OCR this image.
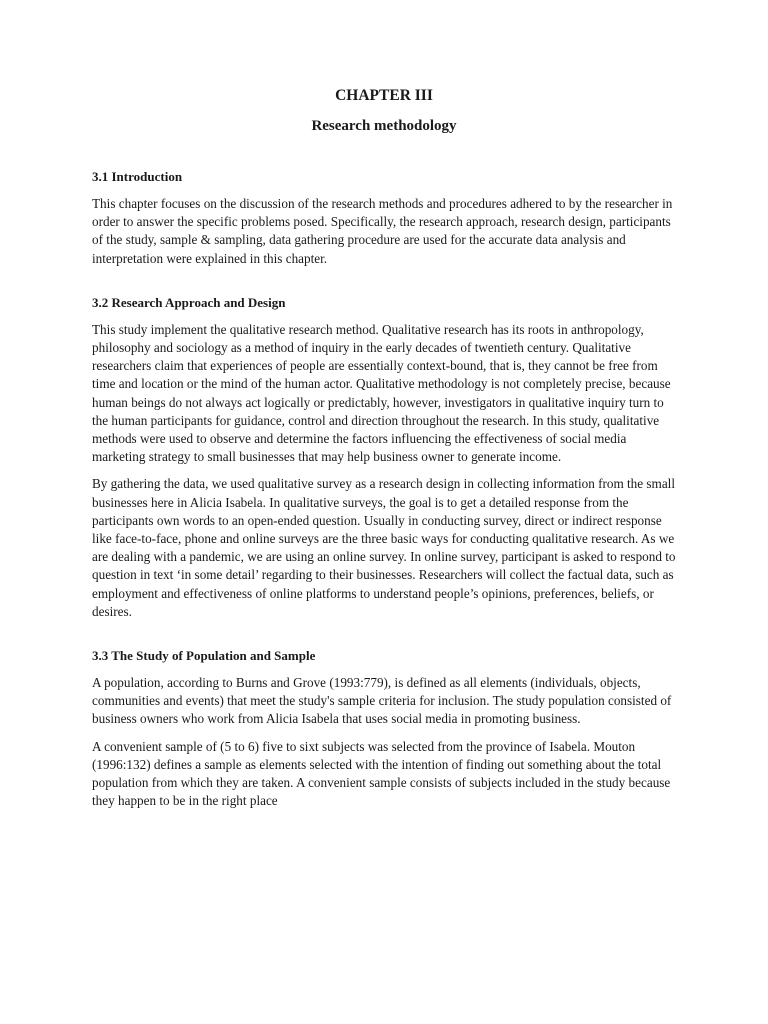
CHAPTER III
Research methodology
3.1 Introduction

This chapter focuses on the discussion of the research methods and procedures adhered to by the researcher in order to answer the specific problems posed. Specifically, the research approach, research design, participants of the study, sample & sampling, data gathering procedure are used for the accurate data analysis and interpretation were explained in this chapter.

3.2 Research Approach and Design

This study implement the qualitative research method. Qualitative research has its roots in anthropology, philosophy and sociology as a method of inquiry in the early decades of twentieth century. Qualitative researchers claim that experiences of people are essentially context-bound, that is, they cannot be free from time and location or the mind of the human actor. Qualitative methodology is not completely precise, because human beings do not always act logically or predictably, however, investigators in qualitative inquiry turn to the human participants for guidance, control and direction throughout the research. In this study, qualitative methods were used to observe and determine the factors influencing the effectiveness of social media marketing strategy to small businesses that may help business owner to generate income.

By gathering the data, we used qualitative survey as a research design in collecting information from the small businesses here in Alicia Isabela. In qualitative surveys, the goal is to get a detailed response from the participants own words to an open-ended question. Usually in conducting survey, direct or indirect response like face-to-face, phone and online surveys are the three basic ways for conducting qualitative research. As we are dealing with a pandemic, we are using an online survey. In online survey, participant is asked to respond to question in text ‘in some detail’ regarding to their businesses. Researchers will collect the factual data, such as employment and effectiveness of online platforms to understand people’s opinions, preferences, beliefs, or desires.

3.3 The Study of Population and Sample

A population, according to Burns and Grove (1993:779), is defined as all elements (individuals, objects, communities and events) that meet the study's sample criteria for inclusion. The study population consisted of business owners who work from Alicia Isabela that uses social media in promoting business.

A convenient sample of (5 to 6) five to sixt subjects was selected from the province of Isabela. Mouton (1996:132) defines a sample as elements selected with the intention of finding out something about the total population from which they are taken. A convenient sample consists of subjects included in the study because they happen to be in the right place
